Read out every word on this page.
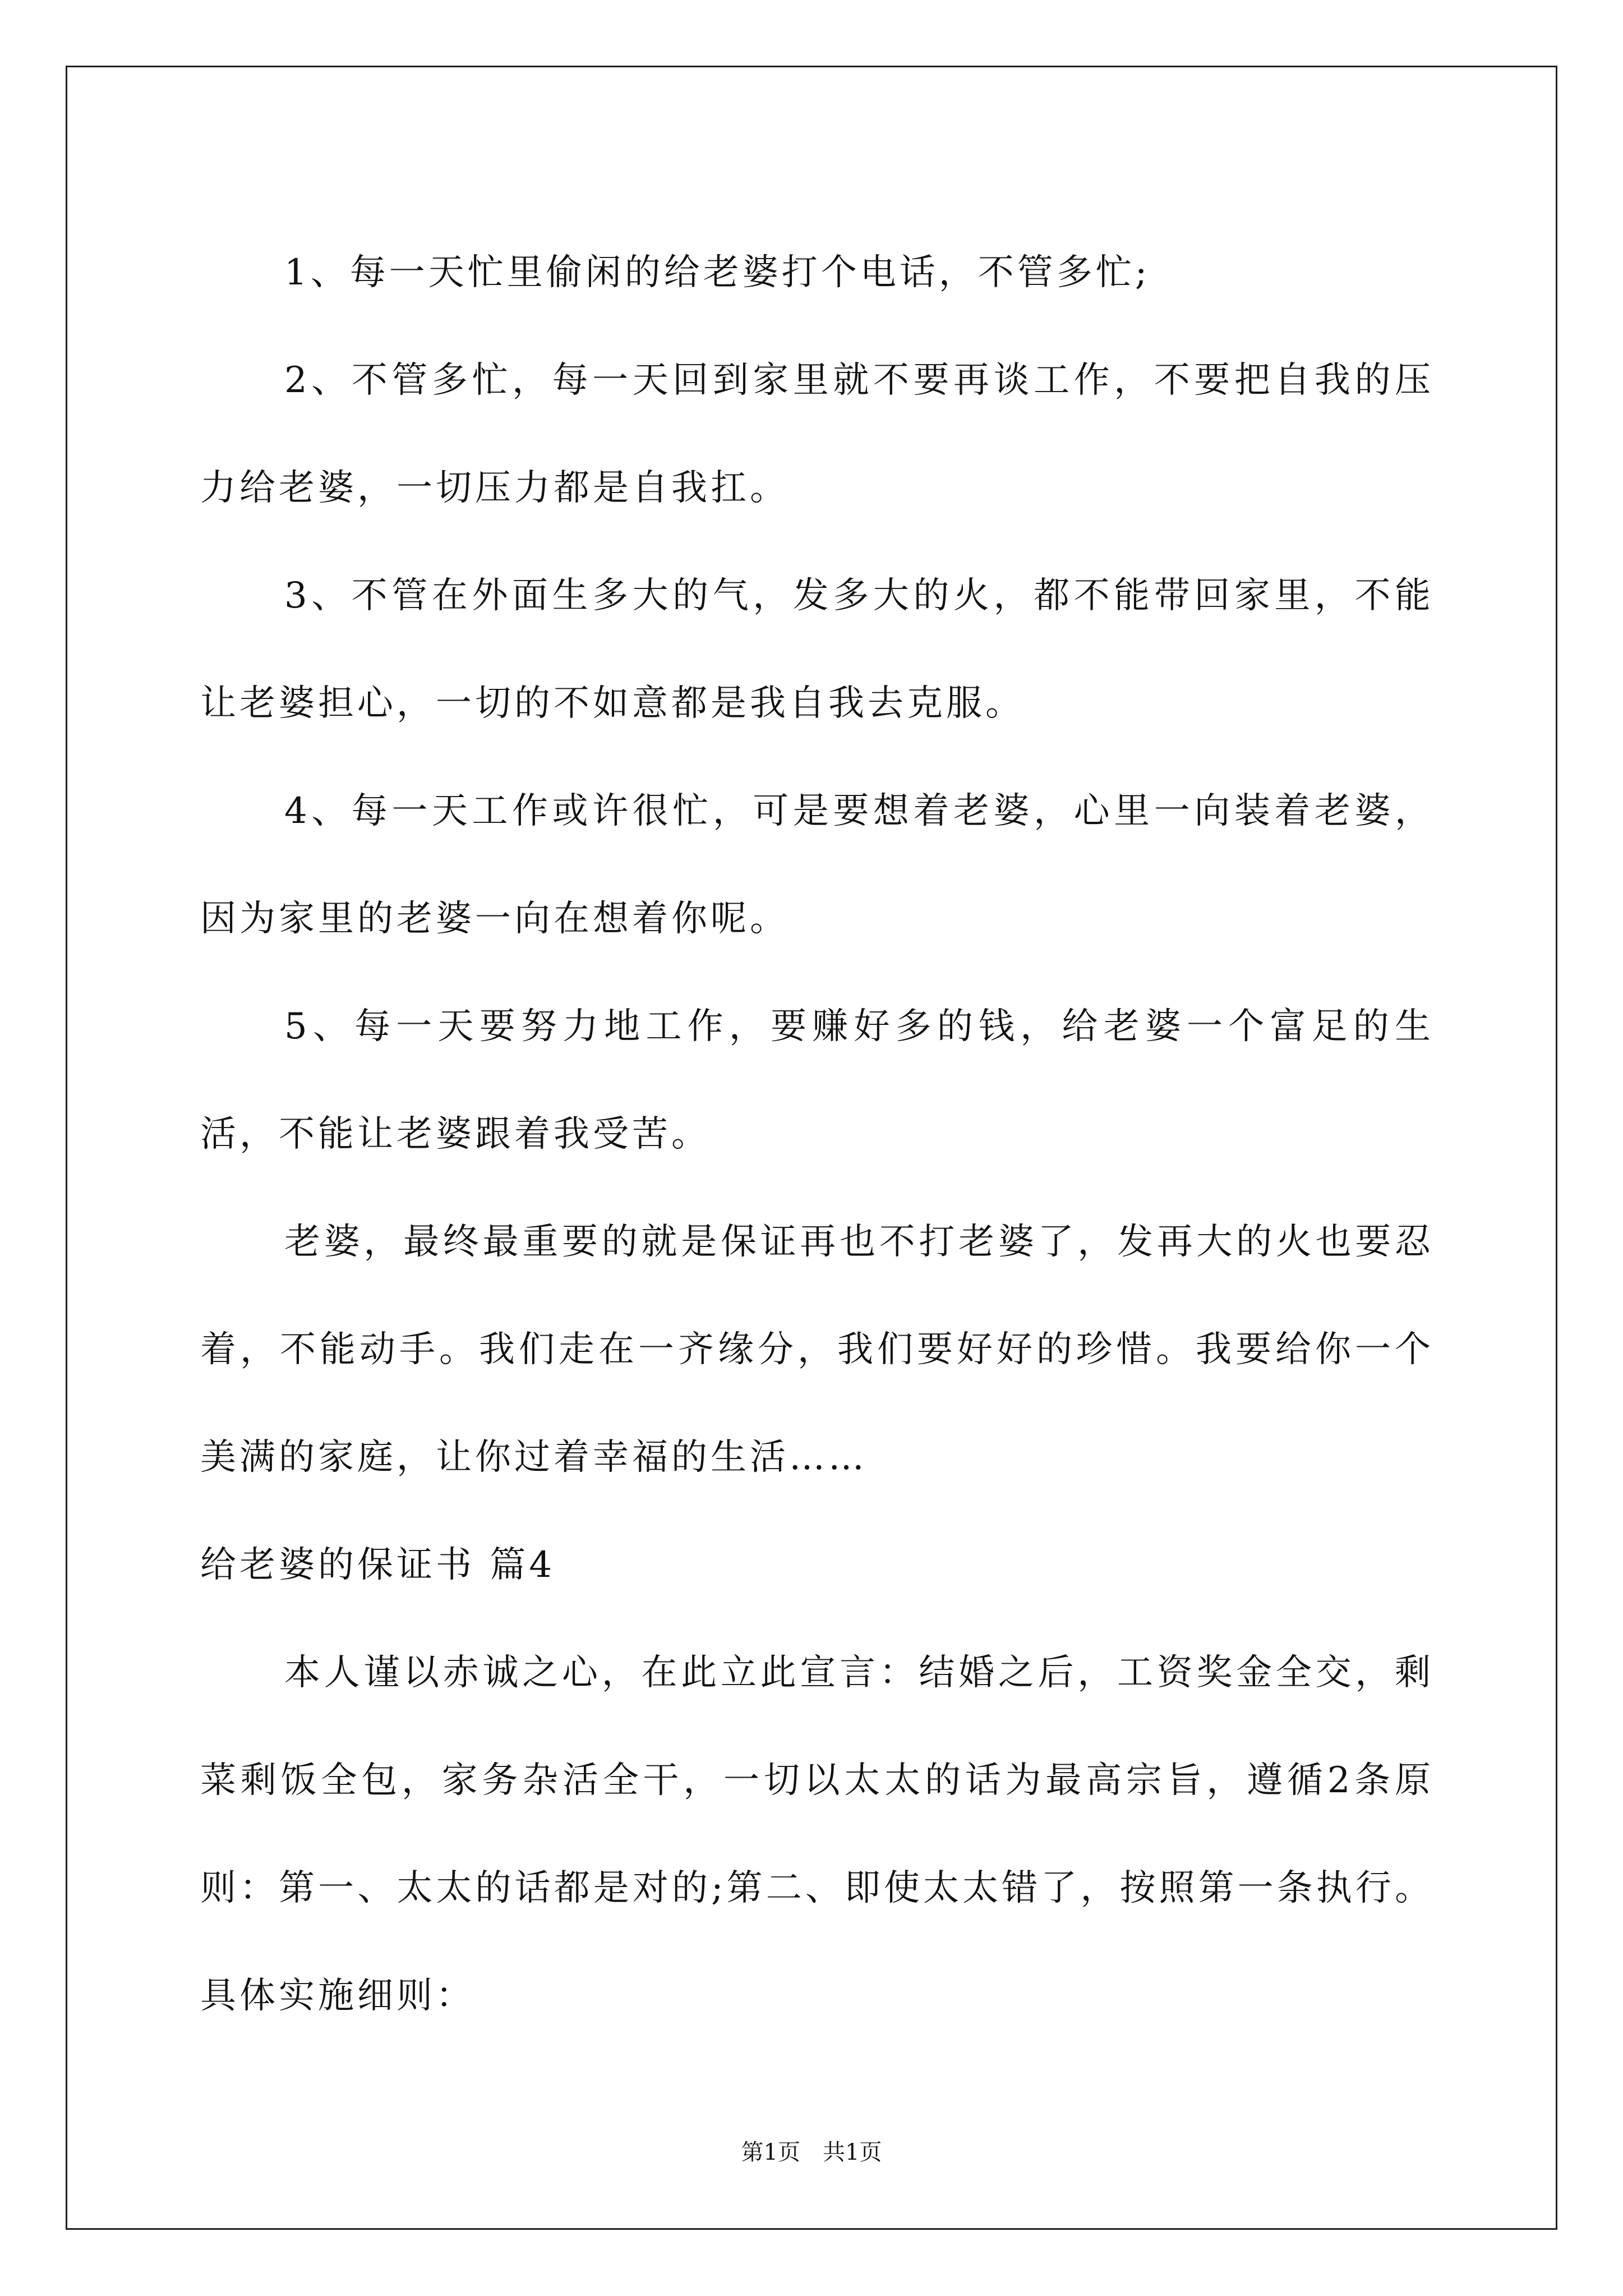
1、每一天忙里偷闲的给老婆打个电话，不管多忙;

2、不管多忙，每一天回到家里就不要再谈工作，不要把自我的压力给老婆，一切压力都是自我扛。

3、不管在外面生多大的气，发多大的火，都不能带回家里，不能让老婆担心，一切的不如意都是我自我去克服。

4、每一天工作或许很忙，可是要想着老婆，心里一向装着老婆，因为家里的老婆一向在想着你呢。

5、每一天要努力地工作，要赚好多的钱，给老婆一个富足的生活，不能让老婆跟着我受苦。

老婆，最终最重要的就是保证再也不打老婆了，发再大的火也要忍着，不能动手。我们走在一齐缘分，我们要好好的珍惜。我要给你一个美满的家庭，让你过着幸福的生活……

给老婆的保证书 篇4

本人谨以赤诚之心，在此立此宣言：结婚之后，工资奖金全交，剩菜剩饭全包，家务杂活全干，一切以太太的话为最高宗旨，遵循2条原则：第一、太太的话都是对的;第二、即使太太错了，按照第一条执行。具体实施细则：

第1页　共1页
